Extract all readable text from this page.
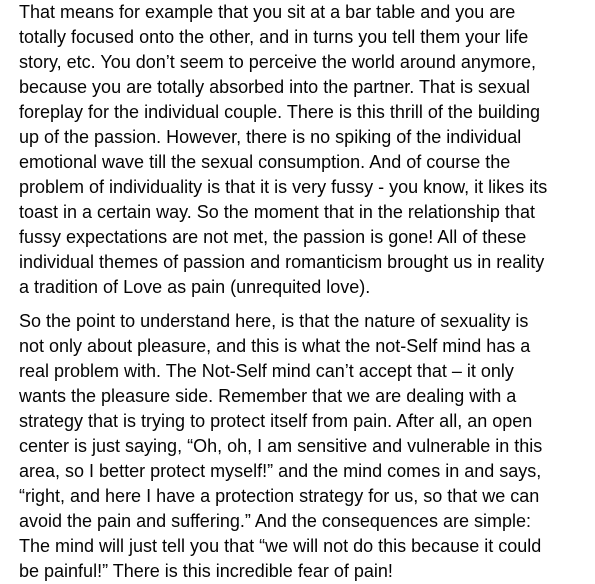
That means for example that you sit at a bar table and you are
totally focused onto the other, and in turns you tell them your life
story, etc. You don’t seem to perceive the world around anymore,
because you are totally absorbed into the partner. That is sexual
foreplay for the individual couple. There is this thrill of the building
up of the passion. However, there is no spiking of the individual
emotional wave till the sexual consumption. And of course the
problem of individuality is that it is very fussy - you know, it likes its
toast in a certain way. So the moment that in the relationship that
fussy expectations are not met, the passion is gone! All of these
individual themes of passion and romanticism brought us in reality
a tradition of Love as pain (unrequited love).

So the point to understand here, is that the nature of sexuality is
not only about pleasure, and this is what the not-Self mind has a
real problem with. The Not-Self mind can’t accept that – it only
wants the pleasure side. Remember that we are dealing with a
strategy that is trying to protect itself from pain. After all, an open
center is just saying, “Oh, oh, I am sensitive and vulnerable in this
area, so I better protect myself!” and the mind comes in and says,
“right, and here I have a protection strategy for us, so that we can
avoid the pain and suffering.” And the consequences are simple:
The mind will just tell you that “we will not do this because it could
be painful!” There is this incredible fear of pain!
